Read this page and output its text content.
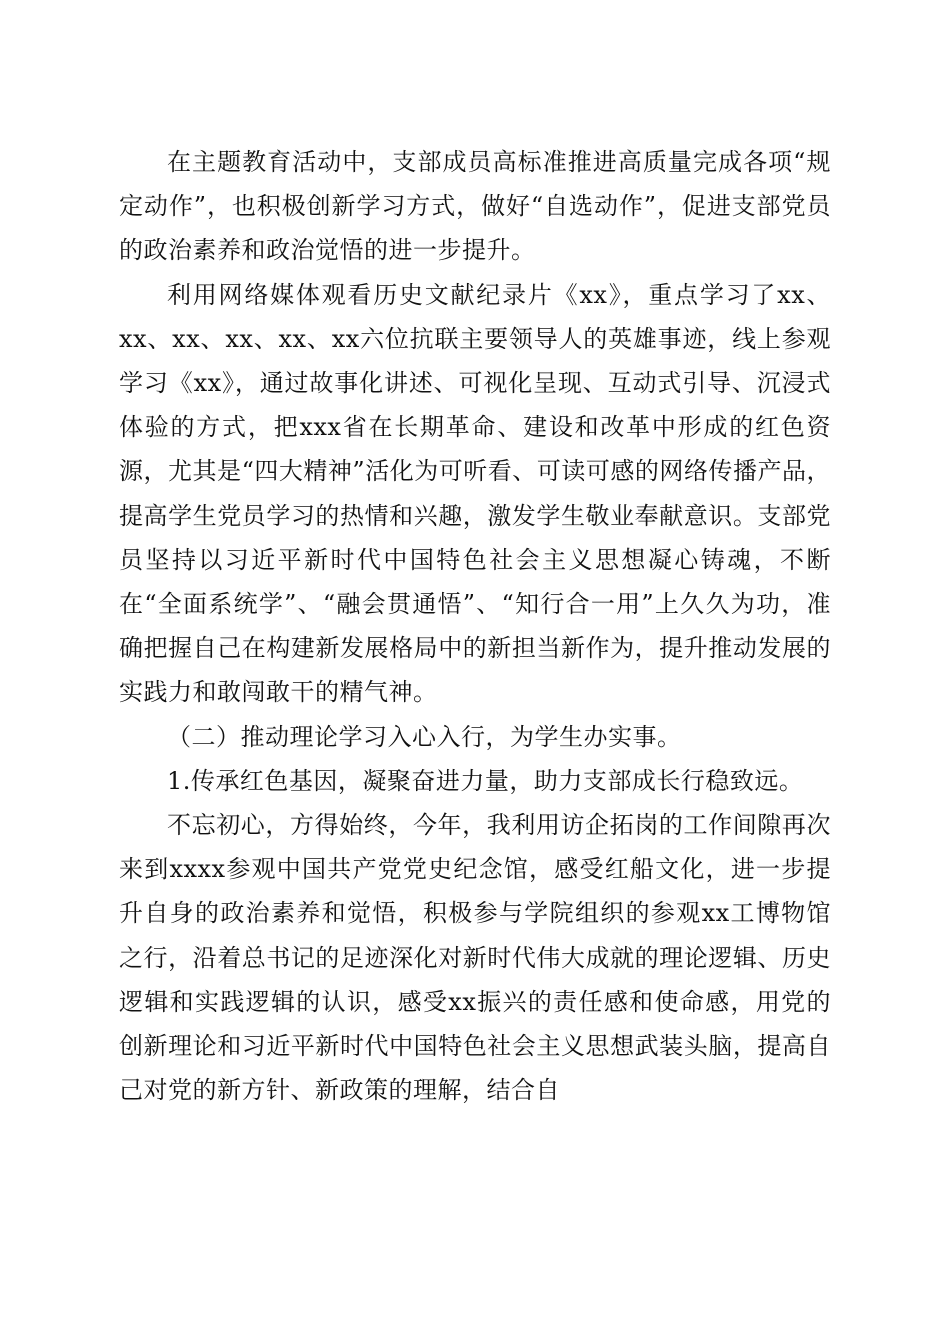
在主题教育活动中，支部成员高标准推进高质量完成各项“规定动作”，也积极创新学习方式，做好“自选动作”，促进支部党员的政治素养和政治觉悟的进一步提升。

利用网络媒体观看历史文献纪录片《xx》，重点学习了xx、xx、xx、xx、xx、xx六位抗联主要领导人的英雄事迹，线上参观学习《xx》，通过故事化讲述、可视化呈现、互动式引导、沉浸式体验的方式，把xxx省在长期革命、建设和改革中形成的红色资源，尤其是“四大精神”活化为可听看、可读可感的网络传播产品，提高学生党员学习的热情和兴趣，激发学生敬业奉献意识。支部党员坚持以习近平新时代中国特色社会主义思想凝心铸魂，不断在“全面系统学”、“融会贯通悟”、“知行合一用”上久久为功，准确把握自己在构建新发展格局中的新担当新作为，提升推动发展的实践力和敢闯敢干的精气神。

（二）推动理论学习入心入行，为学生办实事。

1.传承红色基因，凝聚奋进力量，助力支部成长行稳致远。

不忘初心，方得始终，今年，我利用访企拓岗的工作间隙再次来到xxxx参观中国共产党党史纪念馆，感受红船文化，进一步提升自身的政治素养和觉悟，积极参与学院组织的参观xx工博物馆之行，沿着总书记的足迹深化对新时代伟大成就的理论逻辑、历史逻辑和实践逻辑的认识，感受xx振兴的责任感和使命感，用党的创新理论和习近平新时代中国特色社会主义思想武装头脑，提高自己对党的新方针、新政策的理解，结合自
